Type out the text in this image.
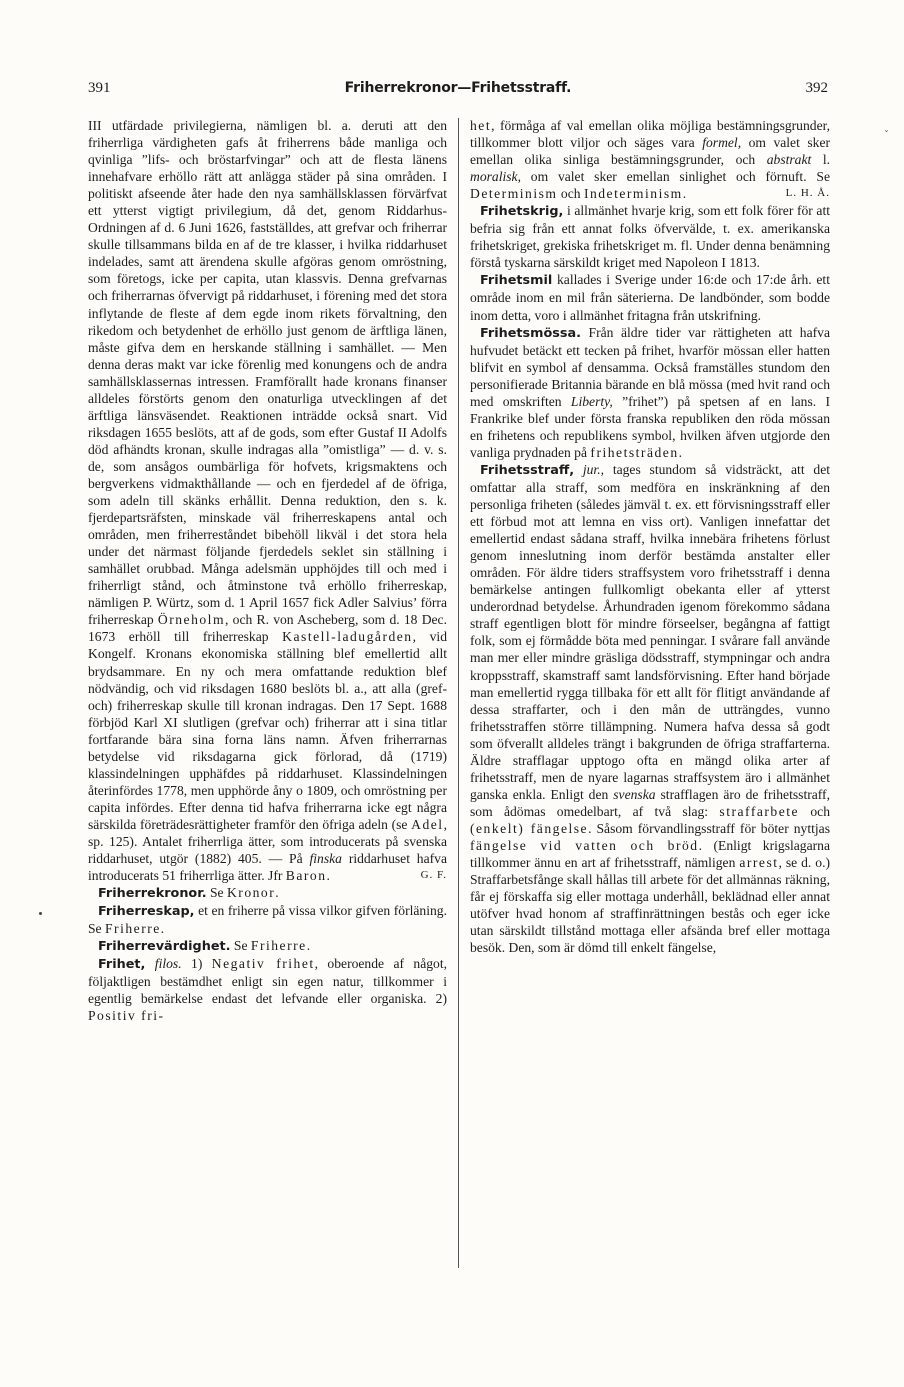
391	Friherrekronor—Frihetsstraff.	392
ˇ

III utfärdade privilegierna, nämligen bl. a. deruti att den friherrliga värdigheten gafs åt friherrens både manliga och qvinliga ”lifs- och bröstarfvingar” och att de flesta länens innehafvare erhöllo rätt att anlägga städer på sina områden. I politiskt afseende åter hade den nya samhällsklassen förvärfvat ett ytterst vigtigt privilegium, då det, genom Riddarhus-Ordningen af d. 6 Juni 1626, fastställdes, att grefvar och friherrar skulle tillsammans bilda en af de tre klasser, i hvilka riddarhuset indelades, samt att ärendena skulle afgöras genom omröstning, som företogs, icke per capita, utan klassvis. Denna grefvarnas och friherrarnas öfvervigt på riddarhuset, i förening med det stora inflytande de fleste af dem egde inom rikets förvaltning, den rikedom och betydenhet de erhöllo just genom de ärftliga länen, måste gifva dem en herskande ställning i samhället. — Men denna deras makt var icke förenlig med konungens och de andra samhällsklassernas intressen. Framförallt hade kronans finanser alldeles förstörts genom den onaturliga utvecklingen af det ärftliga länsväsendet. Reaktionen inträdde också snart. Vid riksdagen 1655 beslöts, att af de gods, som efter Gustaf II Adolfs död afhändts kronan, skulle indragas alla ”omistliga” — d. v. s. de, som ansågos oumbärliga för hofvets, krigsmaktens och bergverkens vidmakthållande — och en fjerdedel af de öfriga, som adeln till skänks erhållit. Denna reduktion, den s. k. fjerdepartsräfsten, minskade väl friherreskapens antal och områden, men friherreståndet bibehöll likväl i det stora hela under det närmast följande fjerdedels seklet sin ställning i samhället orubbad. Många adelsmän upphöjdes till och med i friherrligt stånd, och åtminstone två erhöllo friherreskap, nämligen P. Würtz, som d. 1 April 1657 fick Adler Salvius’ förra friherreskap Örneholm, och R. von Ascheberg, som d. 18 Dec. 1673 erhöll till friherreskap Kastell-ladugården, vid Kongelf. Kronans ekonomiska ställning blef emellertid allt brydsammare. En ny och mera omfattande reduktion blef nödvändig, och vid riksdagen 1680 beslöts bl. a., att alla (gref- och) friherreskap skulle till kronan indragas. Den 17 Sept. 1688 förbjöd Karl XI slutligen (grefvar och) friherrar att i sina titlar fortfarande bära sina forna läns namn. Äfven friherrarnas betydelse vid riksdagarna gick förlorad, då (1719) klassindelningen upphäfdes på riddarhuset. Klassindelningen återinfördes 1778, men upphörde åny o 1809, och omröstning per capita infördes. Efter denna tid hafva friherrarna icke egt några särskilda företrädesrättigheter framför den öfriga adeln (se Adel, sp. 125). Antalet friherrliga ätter, som introducerats på svenska riddarhuset, utgör (1882) 405. — På finska riddarhuset hafva introducerats 51 friherrliga ätter. Jfr Baron.	G. F.

Friherrekronor. Se Kronor.

Friherreskap, et en friherre på vissa vilkor gifven förläning. Se Friherre.

Friherrevärdighet. Se Friherre.

Frihet, filos. 1) Negativ frihet, oberoende af något, följaktligen bestämdhet enligt sin egen natur, tillkommer i egentlig bemärkelse endast det lefvande eller organiska. 2) Positiv fri-

het, förmåga af val emellan olika möjliga bestämningsgrunder, tillkommer blott viljor och säges vara formel, om valet sker emellan olika sinliga bestämningsgrunder, och abstrakt l. moralisk, om valet sker emellan sinlighet och förnuft. Se Determinism och Indeterminism.	L. H. Å.

Frihetskrig, i allmänhet hvarje krig, som ett folk förer för att befria sig från ett annat folks öfvervälde, t. ex. amerikanska frihetskriget, grekiska frihetskriget m. fl. Under denna benämning förstå tyskarna särskildt kriget med Napoleon I 1813.

Frihetsmil kallades i Sverige under 16:de och 17:de årh. ett område inom en mil från säterierna. De landbönder, som bodde inom detta, voro i allmänhet fritagna från utskrifning.

Frihetsmössa. Från äldre tider var rättigheten att hafva hufvudet betäckt ett tecken på frihet, hvarför mössan eller hatten blifvit en symbol af densamma. Också framställes stundom den personifierade Britannia bärande en blå mössa (med hvit rand och med omskriften Liberty, ”frihet”) på spetsen af en lans. I Frankrike blef under första franska republiken den röda mössan en frihetens och republikens symbol, hvilken äfven utgjorde den vanliga prydnaden på frihetsträden.

Frihetsstraff, jur., tages stundom så vidsträckt, att det omfattar alla straff, som medföra en inskränkning af den personliga friheten (således jämväl t. ex. ett förvisningsstraff eller ett förbud mot att lemna en viss ort). Vanligen innefattar det emellertid endast sådana straff, hvilka innebära frihetens förlust genom inneslutning inom derför bestämda anstalter eller områden. För äldre tiders straffsystem voro frihetsstraff i denna bemärkelse antingen fullkomligt obekanta eller af ytterst underordnad betydelse. Århundraden igenom förekommo sådana straff egentligen blott för mindre förseelser, begångna af fattigt folk, som ej förmådde böta med penningar. I svårare fall använde man mer eller mindre gräsliga dödsstraff, stympningar och andra kroppsstraff, skamstraff samt landsförvisning. Efter hand började man emellertid rygga tillbaka för ett allt för flitigt användande af dessa straffarter, och i den mån de utträngdes, vunno frihetsstraffen större tillämpning. Numera hafva dessa så godt som öfverallt alldeles trängt i bakgrunden de öfriga straffarterna. Äldre strafflagar upptogo ofta en mängd olika arter af frihetsstraff, men de nyare lagarnas straffsystem äro i allmänhet ganska enkla. Enligt den svenska strafflagen äro de frihetsstraff, som ådömas omedelbart, af två slag: straffarbete och (enkelt) fängelse. Såsom förvandlingsstraff för böter nyttjas fängelse vid vatten och bröd. (Enligt krigslagarna tillkommer ännu en art af frihetsstraff, nämligen arrest, se d. o.) Straffarbetsfånge skall hållas till arbete för det allmännas räkning, får ej förskaffa sig eller mottaga underhåll, beklädnad eller annat utöfver hvad honom af straffinrättningen bestås och eger icke utan särskildt tillstånd mottaga eller afsända bref eller mottaga besök. Den, som är dömd till enkelt fängelse,
